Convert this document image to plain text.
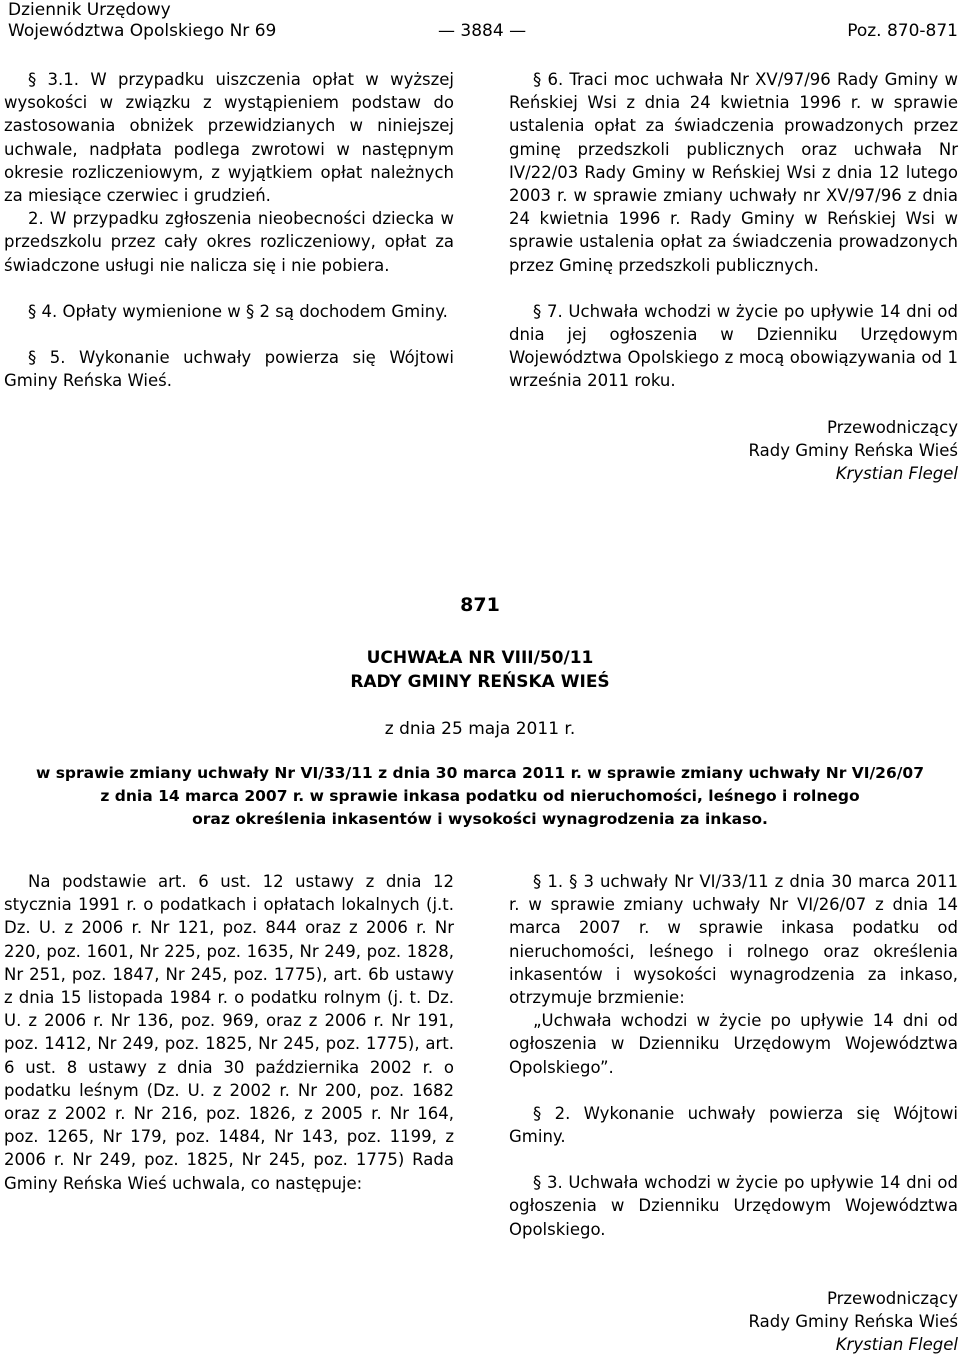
Dziennik Urzędowy
Województwa Opolskiego Nr 69	— 3884 —	Poz. 870-871

§ 3.1. W przypadku uiszczenia opłat w wyższej wysokości w związku z wystąpieniem podstaw do zastosowania obniżek przewidzianych w niniejszej uchwale, nadpłata podlega zwrotowi w następnym okresie rozliczeniowym, z wyjątkiem opłat należnych za miesiące czerwiec i grudzień.

2. W przypadku zgłoszenia nieobecności dziecka w przedszkolu przez cały okres rozliczeniowy, opłat za świadczone usługi nie nalicza się i nie pobiera.

§ 4. Opłaty wymienione w § 2 są dochodem Gminy.

§ 5. Wykonanie uchwały powierza się Wójtowi Gminy Reńska Wieś.

§ 6. Traci moc uchwała Nr XV/97/96 Rady Gminy w Reńskiej Wsi z dnia 24 kwietnia 1996 r. w sprawie ustalenia opłat za świadczenia prowadzonych przez gminę przedszkoli publicznych oraz uchwała Nr IV/22/03 Rady Gminy w Reńskiej Wsi z dnia 12 lutego 2003 r. w sprawie zmiany uchwały nr XV/97/96 z dnia 24 kwietnia 1996 r. Rady Gminy w Reńskiej Wsi w sprawie ustalenia opłat za świadczenia prowadzonych przez Gminę przedszkoli publicznych.

§ 7. Uchwała wchodzi w życie po upływie 14 dni od dnia jej ogłoszenia w Dzienniku Urzędowym Województwa Opolskiego z mocą obowiązywania od 1 września 2011 roku.

Przewodniczący
Rady Gminy Reńska Wieś
Krystian Flegel
871
UCHWAŁA NR VIII/50/11
RADY GMINY REŃSKA WIEŚ
z dnia 25 maja 2011 r.
w sprawie zmiany uchwały Nr VI/33/11 z dnia 30 marca 2011 r. w sprawie zmiany uchwały Nr VI/26/07
z dnia 14 marca 2007 r. w sprawie inkasa podatku od nieruchomości, leśnego i rolnego
oraz określenia inkasentów i wysokości wynagrodzenia za inkaso.

Na podstawie art. 6 ust. 12 ustawy z dnia 12 stycznia 1991 r. o podatkach i opłatach lokalnych (j.t. Dz. U. z 2006 r. Nr 121, poz. 844 oraz z 2006 r. Nr 220, poz. 1601, Nr 225, poz. 1635, Nr 249, poz. 1828, Nr 251, poz. 1847, Nr 245, poz. 1775), art. 6b ustawy z dnia 15 listopada 1984 r. o podatku rolnym (j. t. Dz. U. z 2006 r. Nr 136, poz. 969, oraz z 2006 r. Nr 191, poz. 1412, Nr 249, poz. 1825, Nr 245, poz. 1775), art. 6 ust. 8 ustawy z dnia 30 października 2002 r. o podatku leśnym (Dz. U. z 2002 r. Nr 200, poz. 1682 oraz z 2002 r. Nr 216, poz. 1826, z 2005 r. Nr 164, poz. 1265, Nr 179, poz. 1484, Nr 143, poz. 1199, z 2006 r. Nr 249, poz. 1825, Nr 245, poz. 1775) Rada Gminy Reńska Wieś uchwala, co następuje:

§ 1. § 3 uchwały Nr VI/33/11 z dnia 30 marca 2011 r. w sprawie zmiany uchwały Nr VI/26/07 z dnia 14 marca 2007 r. w sprawie inkasa podatku od nieruchomości, leśnego i rolnego oraz określenia inkasentów i wysokości wynagrodzenia za inkaso, otrzymuje brzmienie:

„Uchwała wchodzi w życie po upływie 14 dni od ogłoszenia w Dzienniku Urzędowym Województwa Opolskiego”.

§ 2. Wykonanie uchwały powierza się Wójtowi Gminy.

§ 3. Uchwała wchodzi w życie po upływie 14 dni od ogłoszenia w Dzienniku Urzędowym Województwa Opolskiego.

Przewodniczący
Rady Gminy Reńska Wieś
Krystian Flegel
